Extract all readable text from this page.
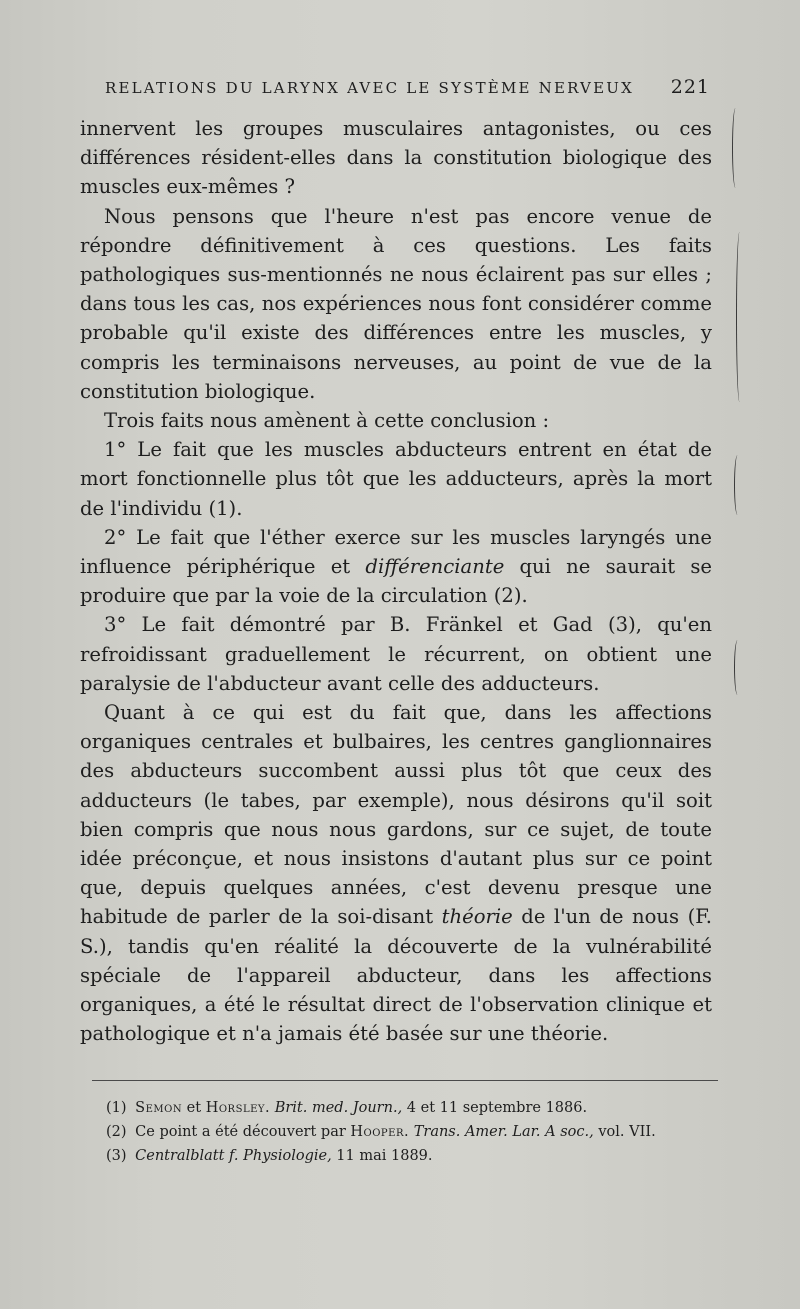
RELATIONS DU LARYNX AVEC LE SYSTÈME NERVEUX 221

innervent les groupes musculaires antagonistes, ou ces différences résident-elles dans la constitution biologique des muscles eux-mêmes ?

Nous pensons que l'heure n'est pas encore venue de répondre définitivement à ces questions. Les faits pathologiques sus-mentionnés ne nous éclairent pas sur elles ; dans tous les cas, nos expériences nous font considérer comme probable qu'il existe des différences entre les muscles, y compris les terminaisons nerveuses, au point de vue de la constitution biologique.

Trois faits nous amènent à cette conclusion :

1° Le fait que les muscles abducteurs entrent en état de mort fonctionnelle plus tôt que les adducteurs, après la mort de l'individu (1).

2° Le fait que l'éther exerce sur les muscles laryngés une influence périphérique et différenciante qui ne saurait se produire que par la voie de la circulation (2).

3° Le fait démontré par B. Fränkel et Gad (3), qu'en refroidissant graduellement le récurrent, on obtient une paralysie de l'abducteur avant celle des adducteurs.

Quant à ce qui est du fait que, dans les affections organiques centrales et bulbaires, les centres ganglionnaires des abducteurs succombent aussi plus tôt que ceux des adducteurs (le tabes, par exemple), nous désirons qu'il soit bien compris que nous nous gardons, sur ce sujet, de toute idée préconçue, et nous insistons d'autant plus sur ce point que, depuis quelques années, c'est devenu presque une habitude de parler de la soi-disant théorie de l'un de nous (F. S.), tandis qu'en réalité la découverte de la vulnérabilité spéciale de l'appareil abducteur, dans les affections organiques, a été le résultat direct de l'observation clinique et pathologique et n'a jamais été basée sur une théorie.

(1) Semon et Horsley. Brit. med. Journ., 4 et 11 septembre 1886.

(2) Ce point a été découvert par Hooper. Trans. Amer. Lar. A soc., vol. VII.

(3) Centralblatt f. Physiologie, 11 mai 1889.
